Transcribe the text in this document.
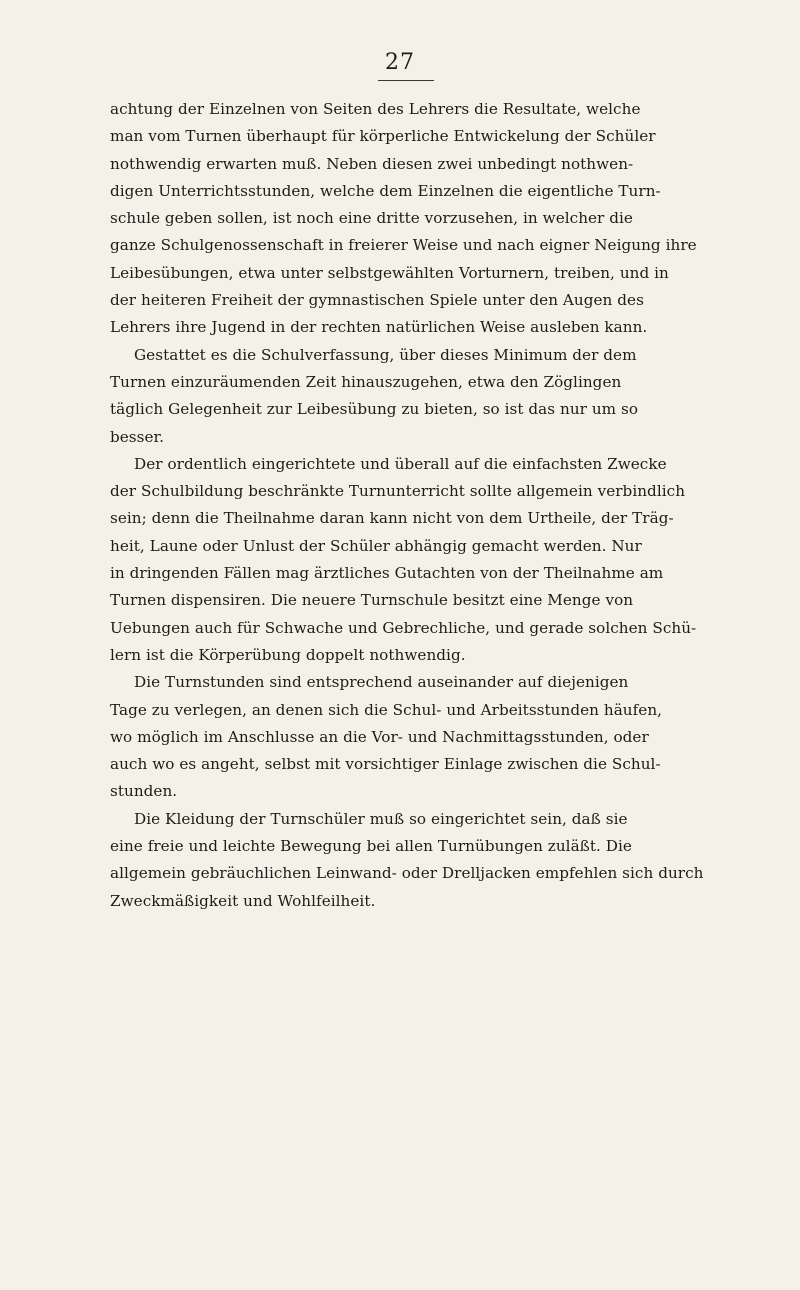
27
achtung der Einzelnen von Seiten des Lehrers die Resultate, welche
man vom Turnen überhaupt für körperliche Entwickelung der Schüler
nothwendig erwarten muß. Neben diesen zwei unbedingt nothwen-
digen Unterrichtsstunden, welche dem Einzelnen die eigentliche Turn-
schule geben sollen, ist noch eine dritte vorzusehen, in welcher die
ganze Schulgenossenschaft in freierer Weise und nach eigner Neigung ihre
Leibesübungen, etwa unter selbstgewählten Vorturnern, treiben, und in
der heiteren Freiheit der gymnastischen Spiele unter den Augen des
Lehrers ihre Jugend in der rechten natürlichen Weise ausleben kann.
Gestattet es die Schulverfassung, über dieses Minimum der dem
Turnen einzuräumenden Zeit hinauszugehen, etwa den Zöglingen
täglich Gelegenheit zur Leibesübung zu bieten, so ist das nur um so
besser.
Der ordentlich eingerichtete und überall auf die einfachsten Zwecke
der Schulbildung beschränkte Turnunterricht sollte allgemein verbindlich
sein; denn die Theilnahme daran kann nicht von dem Urtheile, der Träg-
heit, Laune oder Unlust der Schüler abhängig gemacht werden. Nur
in dringenden Fällen mag ärztliches Gutachten von der Theilnahme am
Turnen dispensiren. Die neuere Turnschule besitzt eine Menge von
Uebungen auch für Schwache und Gebrechliche, und gerade solchen Schü-
lern ist die Körperübung doppelt nothwendig.
Die Turnstunden sind entsprechend auseinander auf diejenigen
Tage zu verlegen, an denen sich die Schul- und Arbeitsstunden häufen,
wo möglich im Anschlusse an die Vor- und Nachmittagsstunden, oder
auch wo es angeht, selbst mit vorsichtiger Einlage zwischen die Schul-
stunden.
Die Kleidung der Turnschüler muß so eingerichtet sein, daß sie
eine freie und leichte Bewegung bei allen Turnübungen zuläßt. Die
allgemein gebräuchlichen Leinwand- oder Drelljacken empfehlen sich durch
Zweckmäßigkeit und Wohlfeilheit.
